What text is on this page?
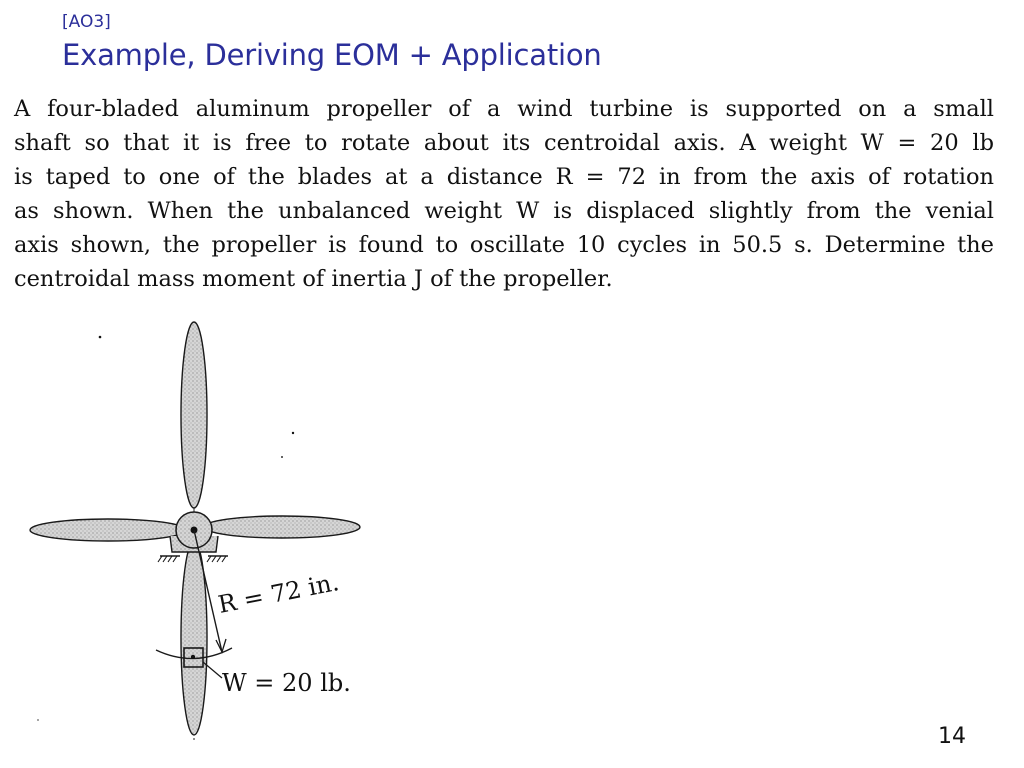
[AO3]
Example, Deriving EOM + Application
A four-bladed aluminum propeller of a wind turbine is supported on a small
shaft so that it is free to rotate about its centroidal axis. A weight W = 20 lb
is taped to one of the blades at a distance R = 72 in from the axis of rotation
as shown. When the unbalanced weight W is displaced slightly from the venial
axis shown, the propeller is found to oscillate 10 cycles in 50.5 s. Determine the
centroidal mass moment of inertia J of the propeller.
R = 72 in.
W = 20 lb.
14
